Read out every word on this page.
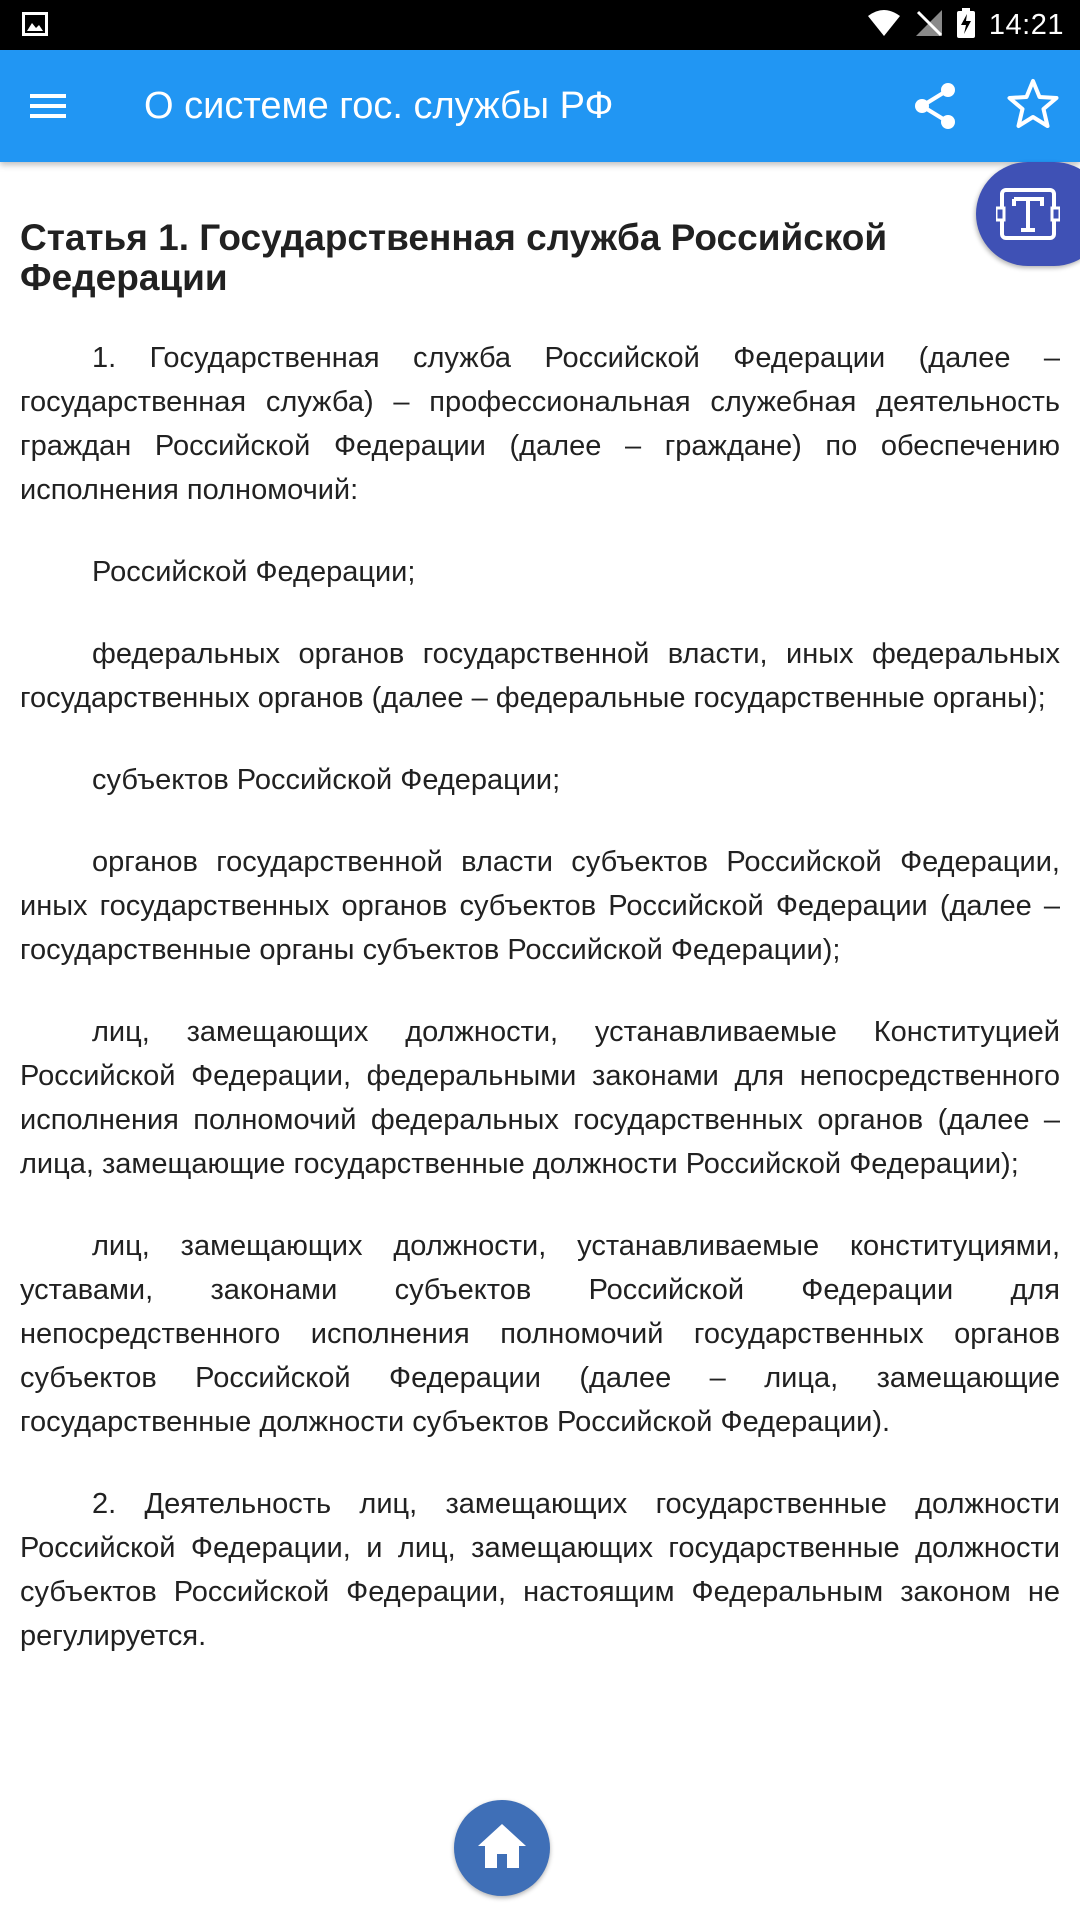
14:21
О системе гос. службы РФ
Статья 1. Государственная служба Российской Федерации

1. Государственная служба Российской Федерации (далее – государственная служба) – профессиональная служебная деятельность граждан Российской Федерации (далее – граждане) по обеспечению исполнения полномочий:

Российской Федерации;

федеральных органов государственной власти, иных федеральных государственных органов (далее – федеральные государственные органы);

субъектов Российской Федерации;

органов государственной власти субъектов Российской Федерации, иных государственных органов субъектов Российской Федерации (далее – государственные органы субъектов Российской Федерации);

лиц, замещающих должности, устанавливаемые Конституцией Российской Федерации, федеральными законами для непосредственного исполнения полномочий федеральных государственных органов (далее – лица, замещающие государственные должности Российской Федерации);

лиц, замещающих должности, устанавливаемые конституциями, уставами, законами субъектов Российской Федерации для непосредственного исполнения полномочий государственных органов субъектов Российской Федерации (далее – лица, замещающие государственные должности субъектов Российской Федерации).

2. Деятельность лиц, замещающих государственные должности Российской Федерации, и лиц, замещающих государственные должности субъектов Российской Федерации, настоящим Федеральным законом не регулируется.
